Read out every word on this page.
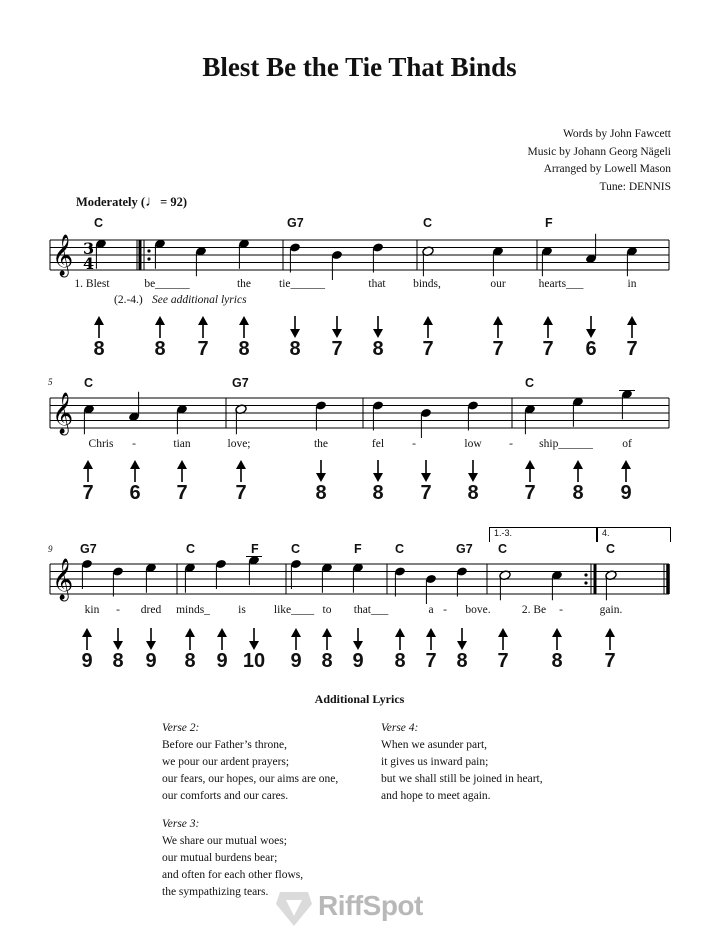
Blest Be the Tie That Binds
Words by John Fawcett
Music by Johann Georg Nägeli
Arranged by Lowell Mason
Tune: DENNIS
Moderately (♩= 92)
𝄞
𝄞
𝄞
3
4
C	G7	C	F
C	G7	C
G7	C	F	C	F	C	G7 C	C
5
9
1. Blest	be______	the tie______	that binds,	our	hearts___	in
Chris -	tian	love;	the	fel -	low - ship______	of
kin - dred minds_ is like____ to that___	a - bove.	2. Be -	gain.
(2.-4.) See additional lyrics
1.-3.	4.
8	8	7	8	8	7	8	7	7	7	6	7
7	6	7	7	8	8	7	8	7	8	9
9 8	9	8	9 10	9 8 9	8 7 8	7	8	7
Additional Lyrics
Verse 2:
Before our Father’s throne,
we pour our ardent prayers;
our fears, our hopes, our aims are one,
our comforts and our cares.
Verse 4:
When we asunder part,
it gives us inward pain;
but we shall still be joined in heart,
and hope to meet again.
Verse 3:
We share our mutual woes;
our mutual burdens bear;
and often for each other flows,
the sympathizing tears.	RiffSpot
